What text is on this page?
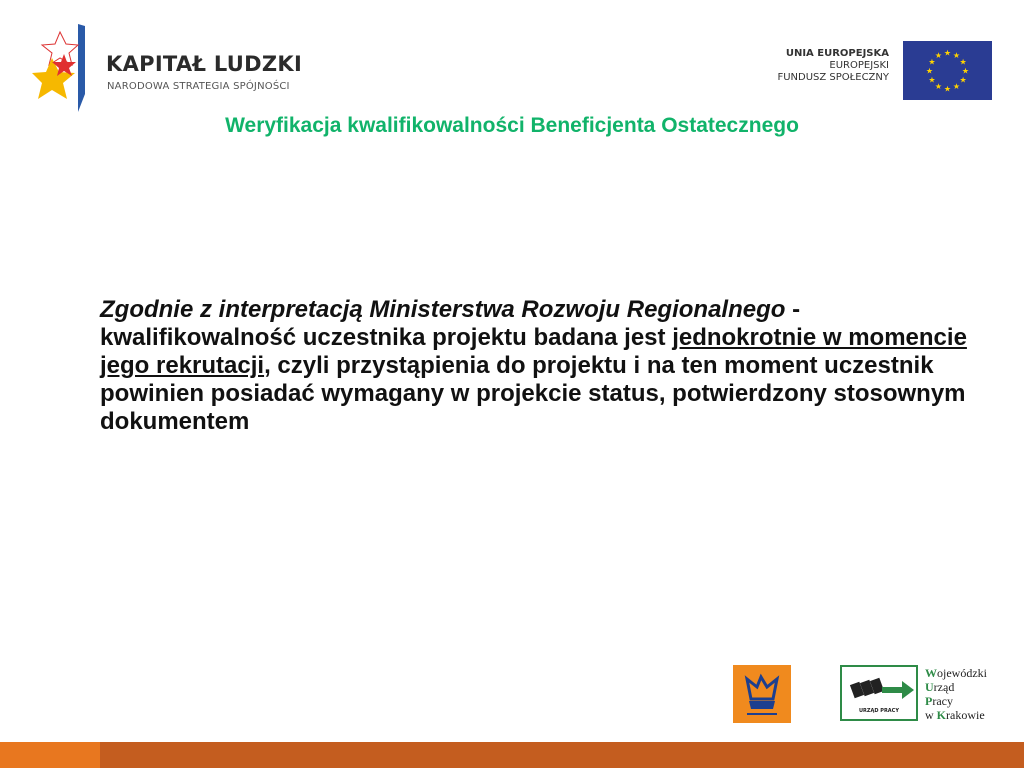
KAPITAŁ LUDZKI
NARODOWA STRATEGIA SPÓJNOŚCI
UNIA EUROPEJSKA
EUROPEJSKI
FUNDUSZ SPOŁECZNY
★
★
★
★
★
★
★
★
★ ★ ★
★
Weryfikacja kwalifikowalności Beneficjenta Ostatecznego
Zgodnie z interpretacją Ministerstwa Rozwoju Regionalnego - kwalifikowalność uczestnika projektu badana jest jednokrotnie w momencie jego rekrutacji, czyli przystąpienia do projektu i na ten moment uczestnik powinien posiadać wymagany w projekcie status, potwierdzony stosownym dokumentem
URZĄD PRACY
Wojewódzki
Urząd
Pracy
w Krakowie
